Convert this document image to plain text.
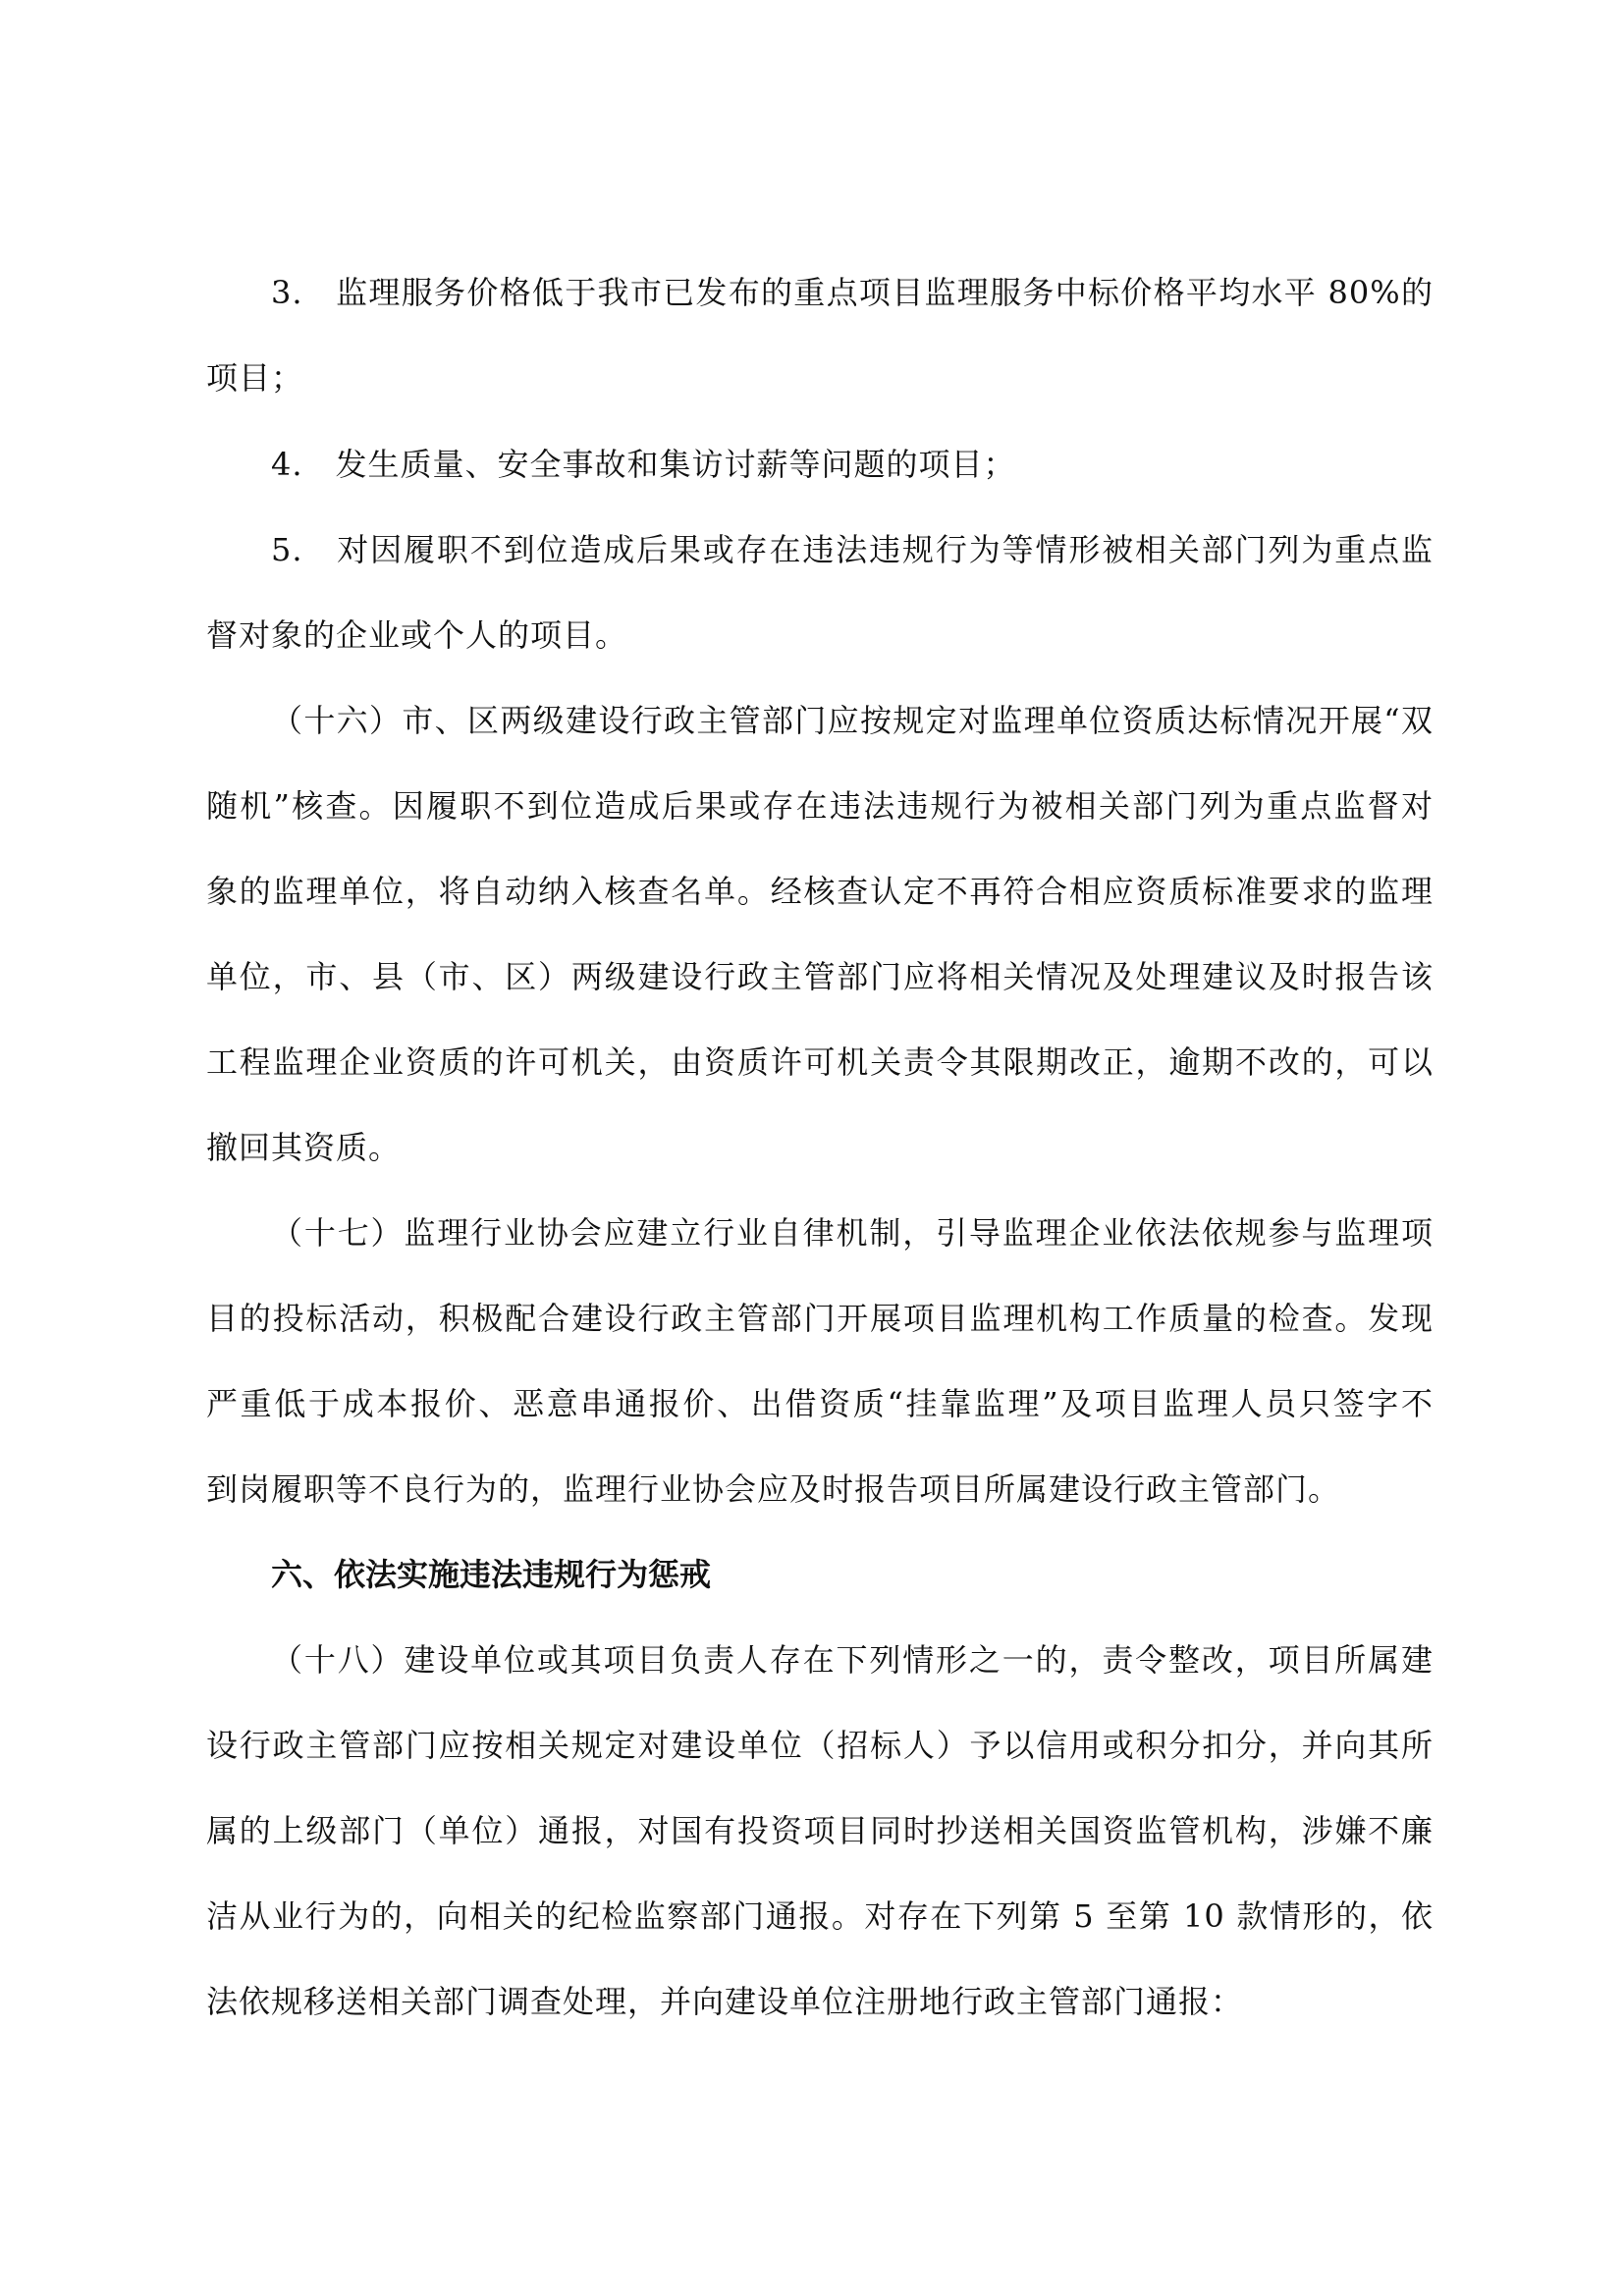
3.　监理服务价格低于我市已发布的重点项目监理服务中标价格平均水平 80%的
项目；
4.　发生质量、安全事故和集访讨薪等问题的项目；
5.　对因履职不到位造成后果或存在违法违规行为等情形被相关部门列为重点监
督对象的企业或个人的项目。
（十六）市、区两级建设行政主管部门应按规定对监理单位资质达标情况开展“双
随机”核查。因履职不到位造成后果或存在违法违规行为被相关部门列为重点监督对
象的监理单位，将自动纳入核查名单。经核查认定不再符合相应资质标准要求的监理
单位，市、县（市、区）两级建设行政主管部门应将相关情况及处理建议及时报告该
工程监理企业资质的许可机关，由资质许可机关责令其限期改正，逾期不改的，可以
撤回其资质。
（十七）监理行业协会应建立行业自律机制，引导监理企业依法依规参与监理项
目的投标活动，积极配合建设行政主管部门开展项目监理机构工作质量的检查。发现
严重低于成本报价、恶意串通报价、出借资质“挂靠监理”及项目监理人员只签字不
到岗履职等不良行为的，监理行业协会应及时报告项目所属建设行政主管部门。
六、依法实施违法违规行为惩戒
（十八）建设单位或其项目负责人存在下列情形之一的，责令整改，项目所属建
设行政主管部门应按相关规定对建设单位（招标人）予以信用或积分扣分，并向其所
属的上级部门（单位）通报，对国有投资项目同时抄送相关国资监管机构，涉嫌不廉
洁从业行为的，向相关的纪检监察部门通报。对存在下列第 5 至第 10 款情形的，依
法依规移送相关部门调查处理，并向建设单位注册地行政主管部门通报：
